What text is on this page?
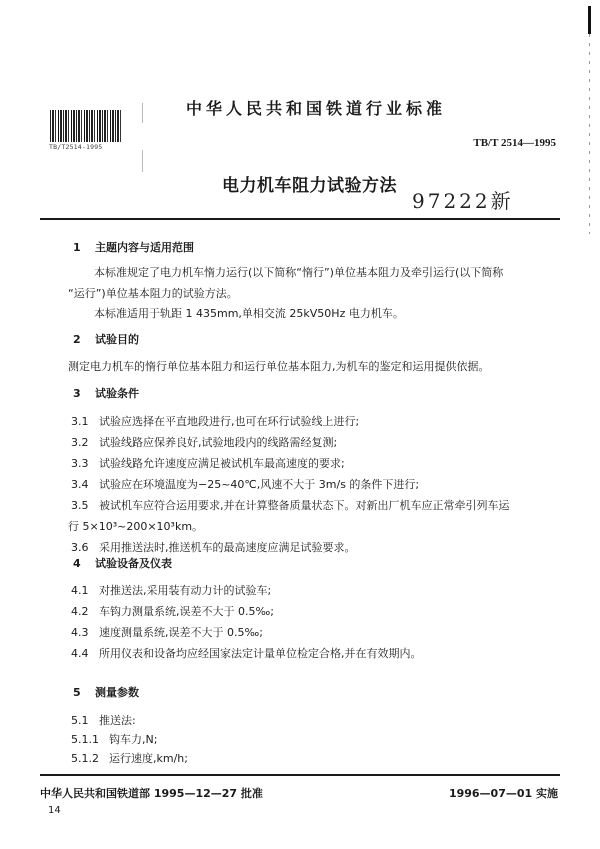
TB/T2514-1995
中华人民共和国铁道行业标准
TB/T 2514—1995
电力机车阻力试验方法
97222新
1 主题内容与适用范围
本标准规定了电力机车惰力运行(以下简称“惰行”)单位基本阻力及牵引运行(以下简称
“运行”)单位基本阻力的试验方法。
本标准适用于轨距 1 435mm,单相交流 25kV50Hz 电力机车。
2 试验目的
测定电力机车的惰行单位基本阻力和运行单位基本阻力,为机车的鉴定和运用提供依据。
3 试验条件
3.1 试验应选择在平直地段进行,也可在环行试验线上进行;
3.2 试验线路应保养良好,试验地段内的线路需经复测;
3.3 试验线路允许速度应满足被试机车最高速度的要求;
3.4 试验应在环境温度为−25~40℃,风速不大于 3m/s 的条件下进行;
3.5 被试机车应符合运用要求,并在计算整备质量状态下。对新出厂机车应正常牵引列车运
行 5×10³~200×10³km。
3.6 采用推送法时,推送机车的最高速度应满足试验要求。
4 试验设备及仪表
4.1 对推送法,采用装有动力计的试验车;
4.2 车钩力测量系统,误差不大于 0.5‰;
4.3 速度测量系统,误差不大于 0.5‰;
4.4 所用仪表和设备均应经国家法定计量单位检定合格,并在有效期内。
5 测量参数
5.1 推送法:
5.1.1 钩车力,N;
5.1.2 运行速度,km/h;
中华人民共和国铁道部 1995—12—27 批准	1996—07—01 实施
14
